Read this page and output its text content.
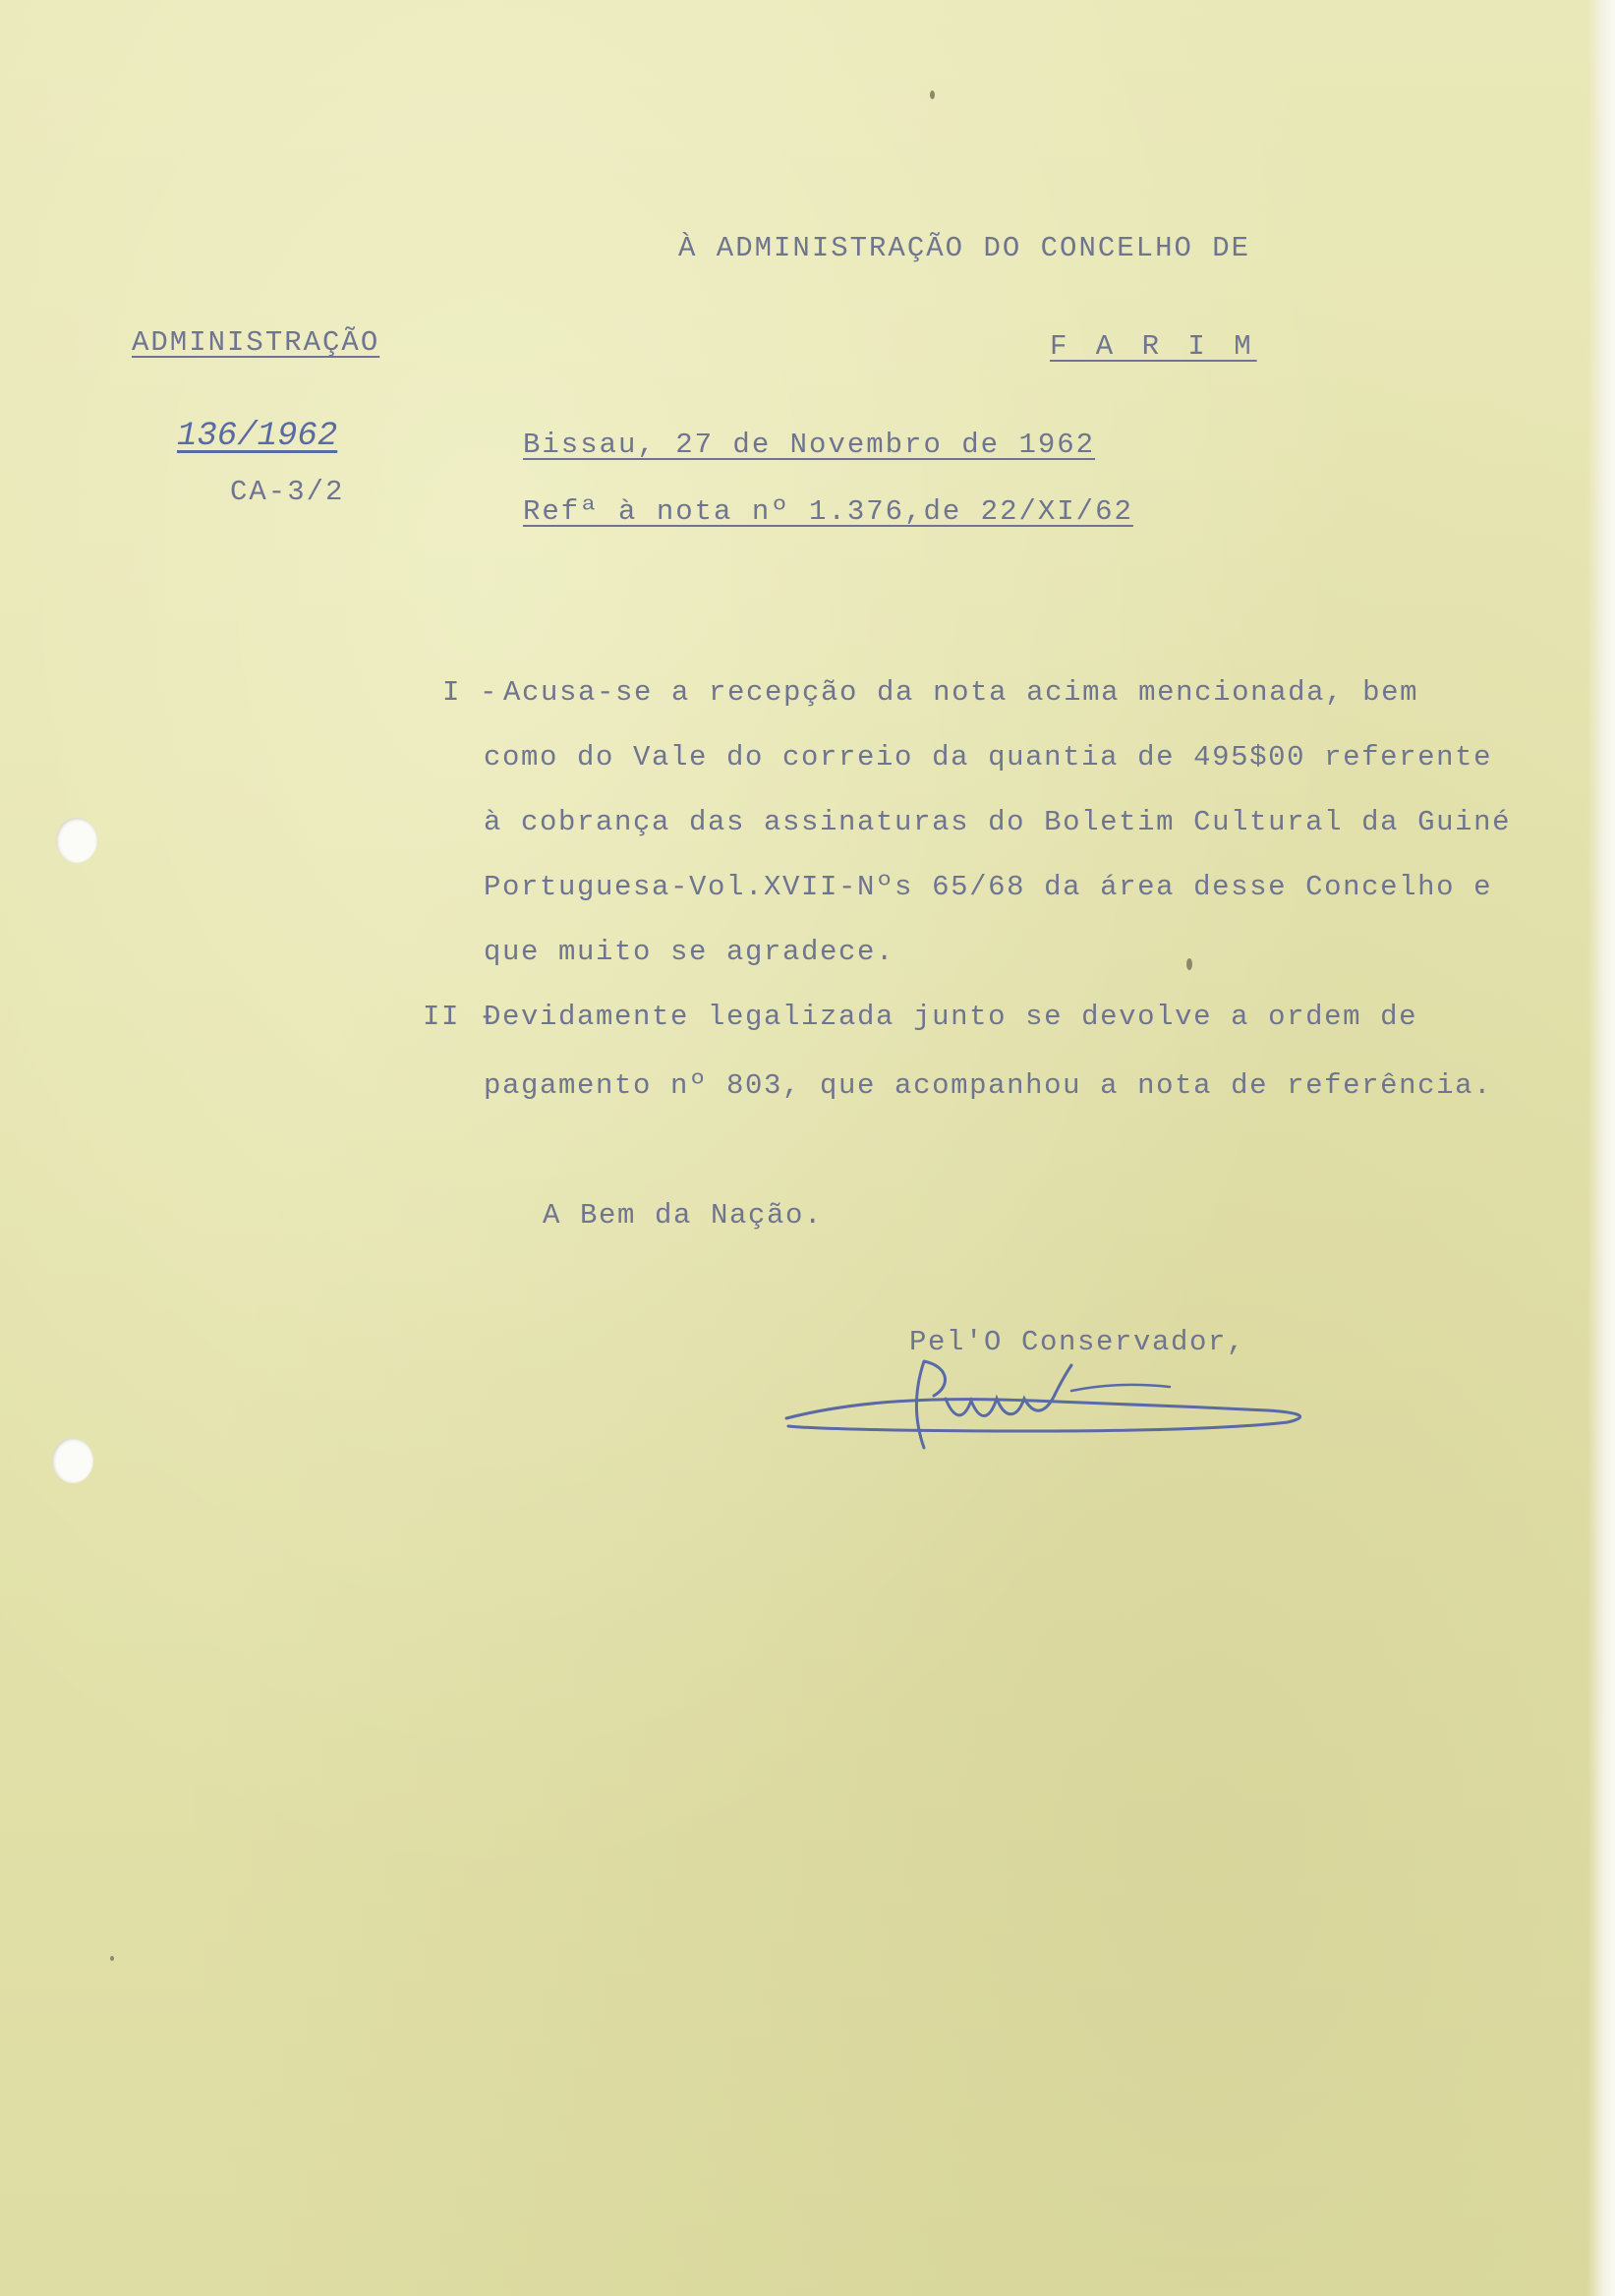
À ADMINISTRAÇÃO DO CONCELHO DE
ADMINISTRAÇÃO	F A R I M
136/1962
CA-3/2
Bissau, 27 de Novembro de 1962
Refª à nota nº 1.376,de 22/XI/62
I - Acusa-se a recepção da nota acima mencionada, bem
como do Vale do correio da quantia de 495$00 referente
à cobrança das assinaturas do Boletim Cultural da Guiné
Portuguesa-Vol.XVII-Nºs 65/68 da área desse Concelho e
que muito se agradece.
II -Devidamente legalizada junto se devolve a ordem de
pagamento nº 803, que acompanhou a nota de referência.
A Bem da Nação.
Pel'O Conservador,
